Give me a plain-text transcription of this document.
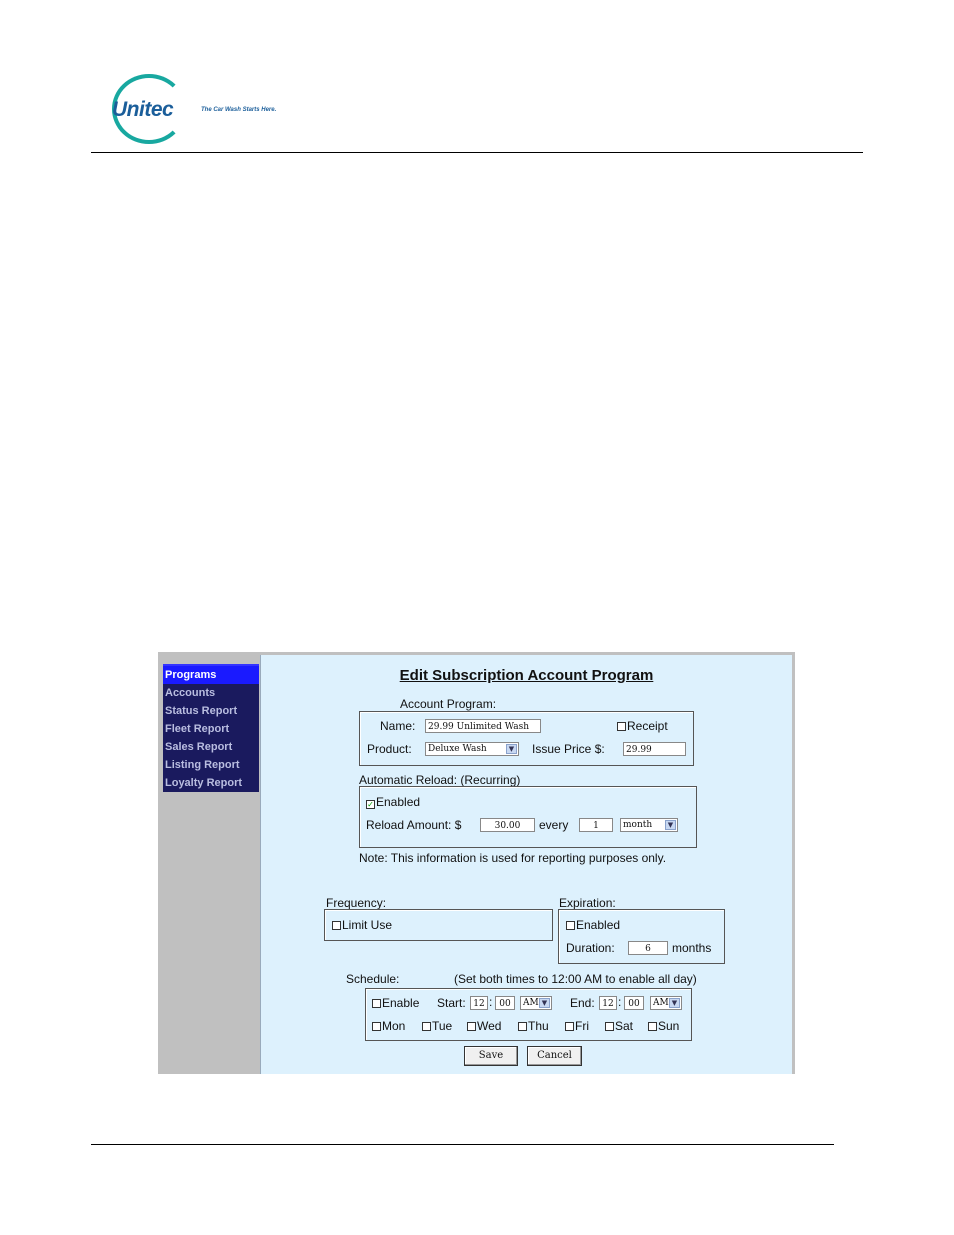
Unitec	The Car Wash Starts Here.
Programs
Accounts
Status Report
Fleet Report
Sales Report
Listing Report
Loyalty Report
Edit Subscription Account Program
Account Program:
Name:	29.99 Unlimited Wash	Receipt
Product:	Deluxe Wash	▼ Issue Price $:	29.99
Automatic Reload: (Recurring)
✓ Enabled
Reload Amount: $	30.00	every	1	month	▼
Note: This information is used for reporting purposes only.
Frequency:
Limit Use
Expiration:
Enabled
Duration:	6	months
Schedule:	(Set both times to 12:00 AM to enable all day)
Enable Start: 12 : 00	AM ▼ End: 12 : 00	AM ▼
Mon	Tue	Wed	Thu	Fri	Sat	Sun
Save	Cancel
